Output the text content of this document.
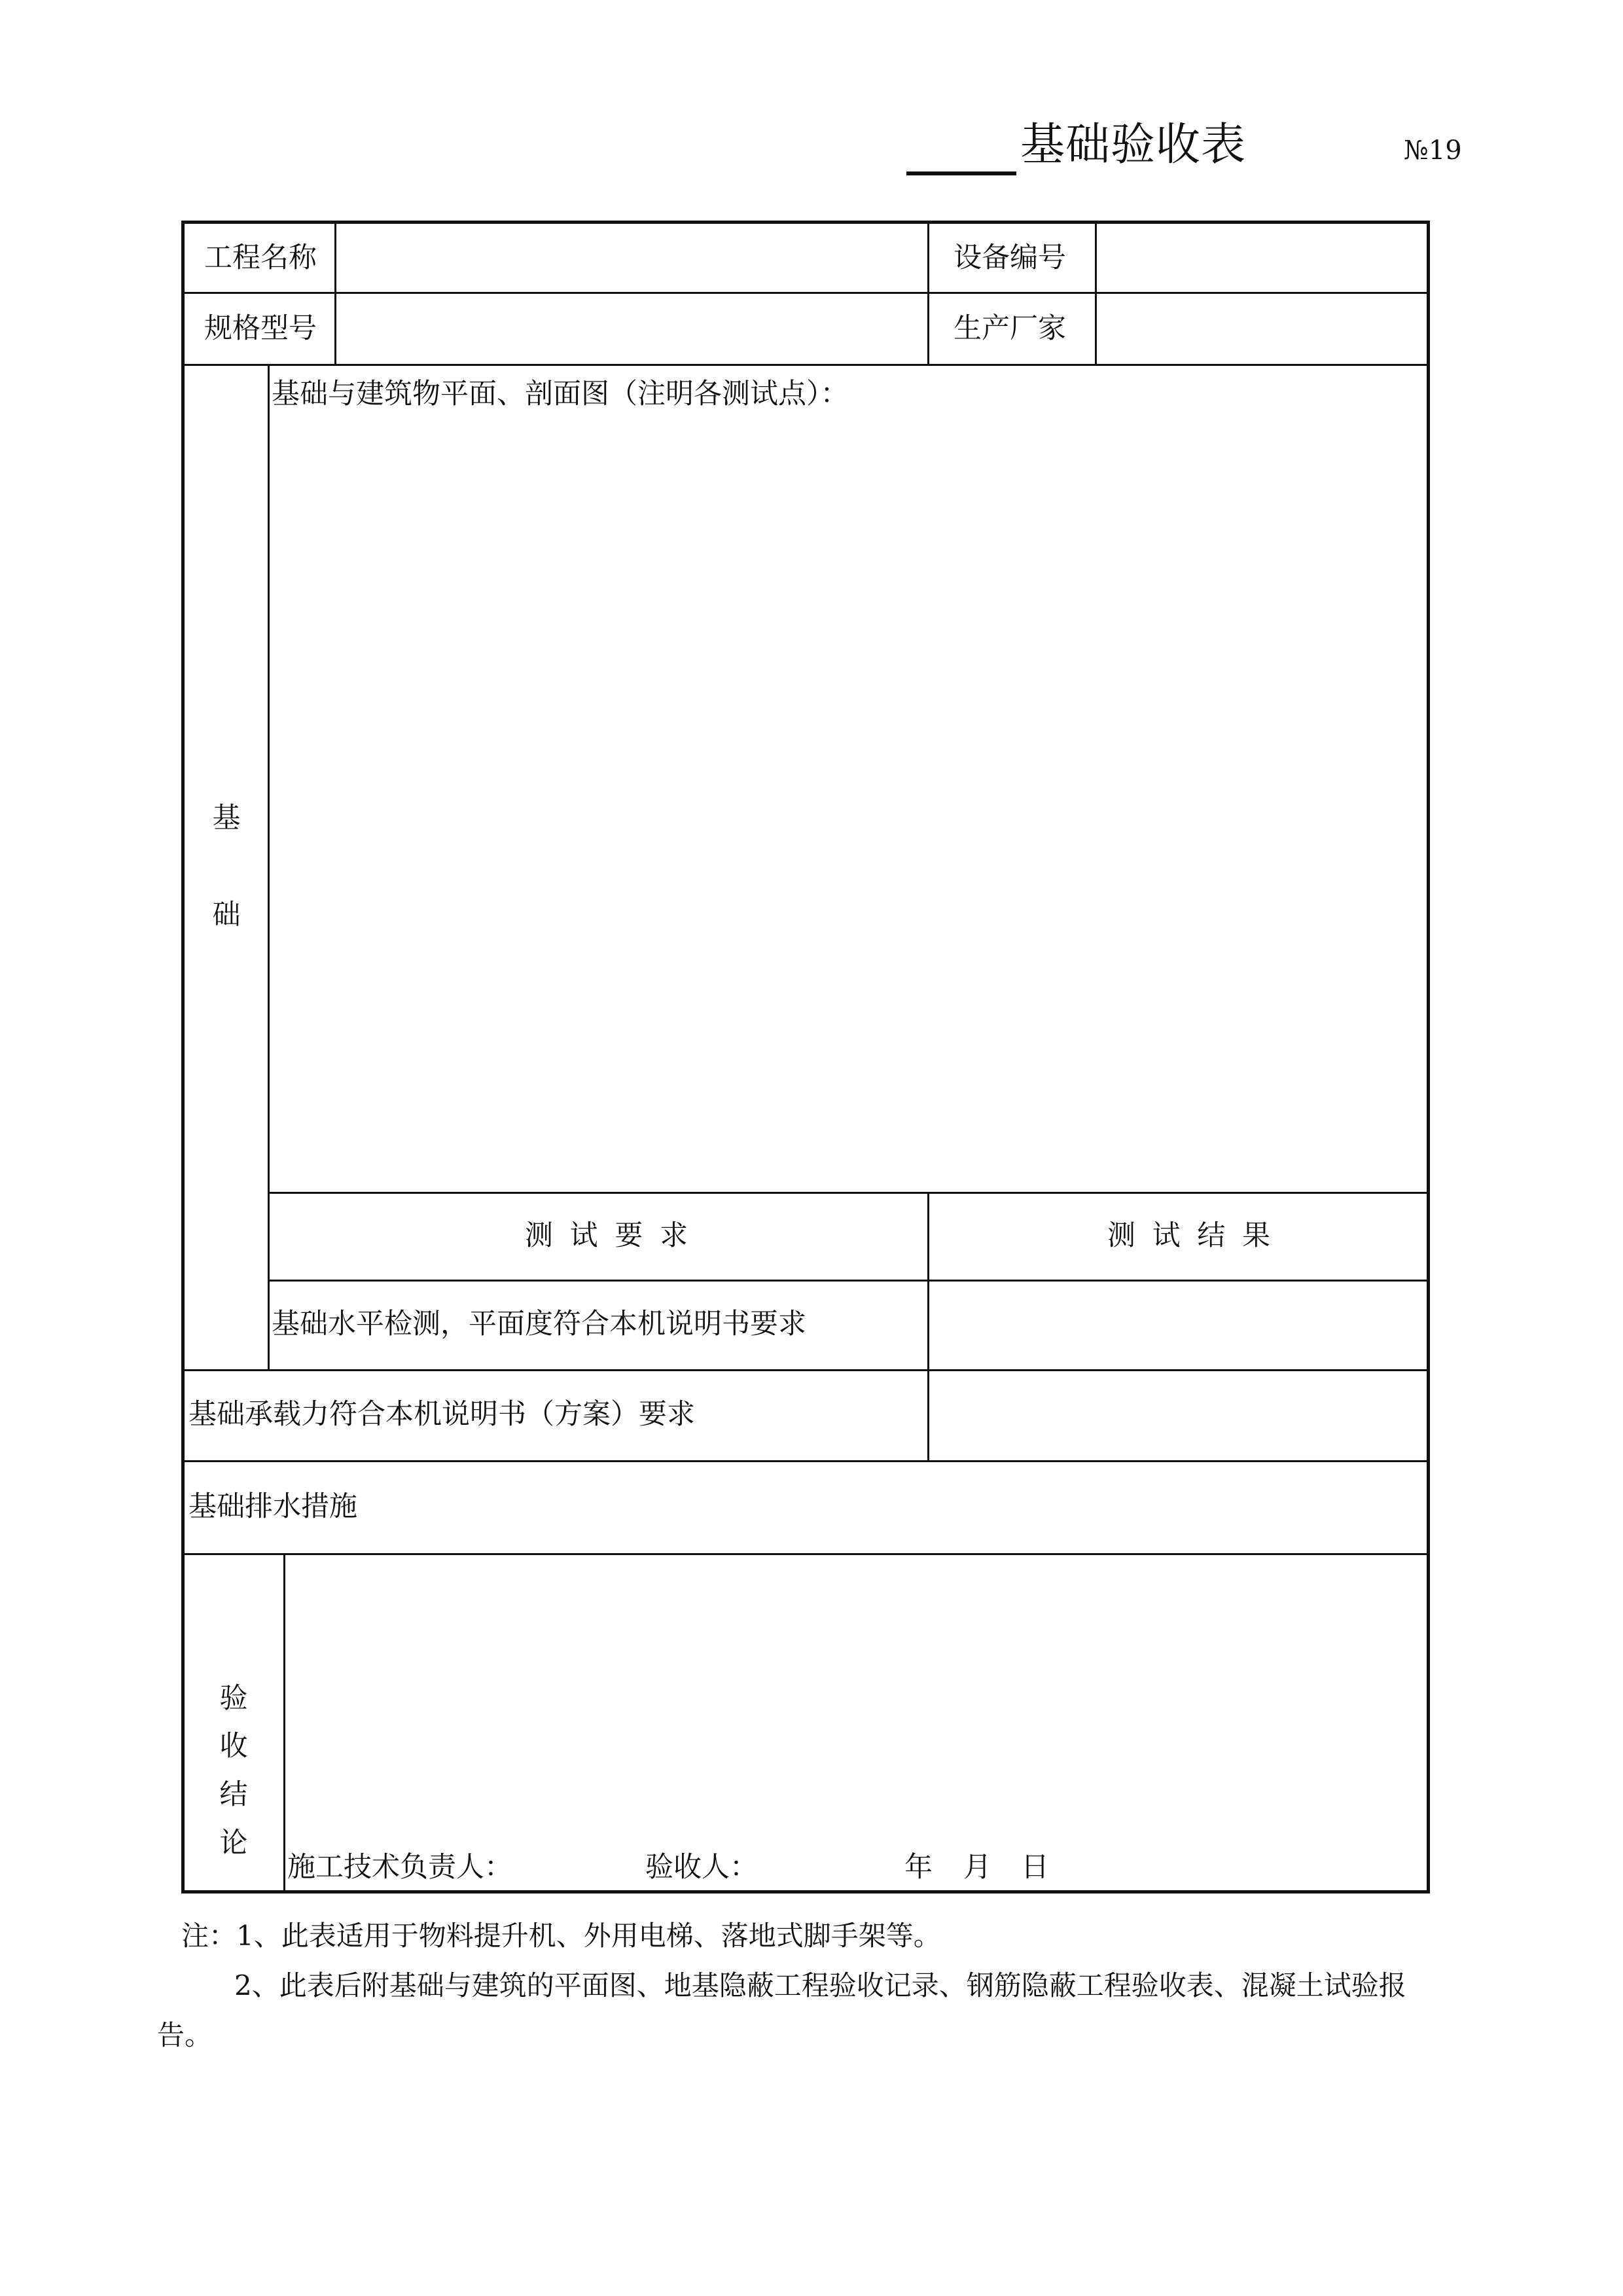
基础验收表	№19
工程名称	设备编号
规格型号	生产厂家
基
础
基础与建筑物平面、剖面图（注明各测试点）：
测 试 要 求	测 试 结 果
基础水平检测，平面度符合本机说明书要求
基础承载力符合本机说明书（方案）要求
基础排水措施
验
收
结
论
施工技术负责人：	验收人：	年 月 日
注：1、此表适用于物料提升机、外用电梯、落地式脚手架等。
2、此表后附基础与建筑的平面图、地基隐蔽工程验收记录、钢筋隐蔽工程验收表、混凝土试验报
告。
